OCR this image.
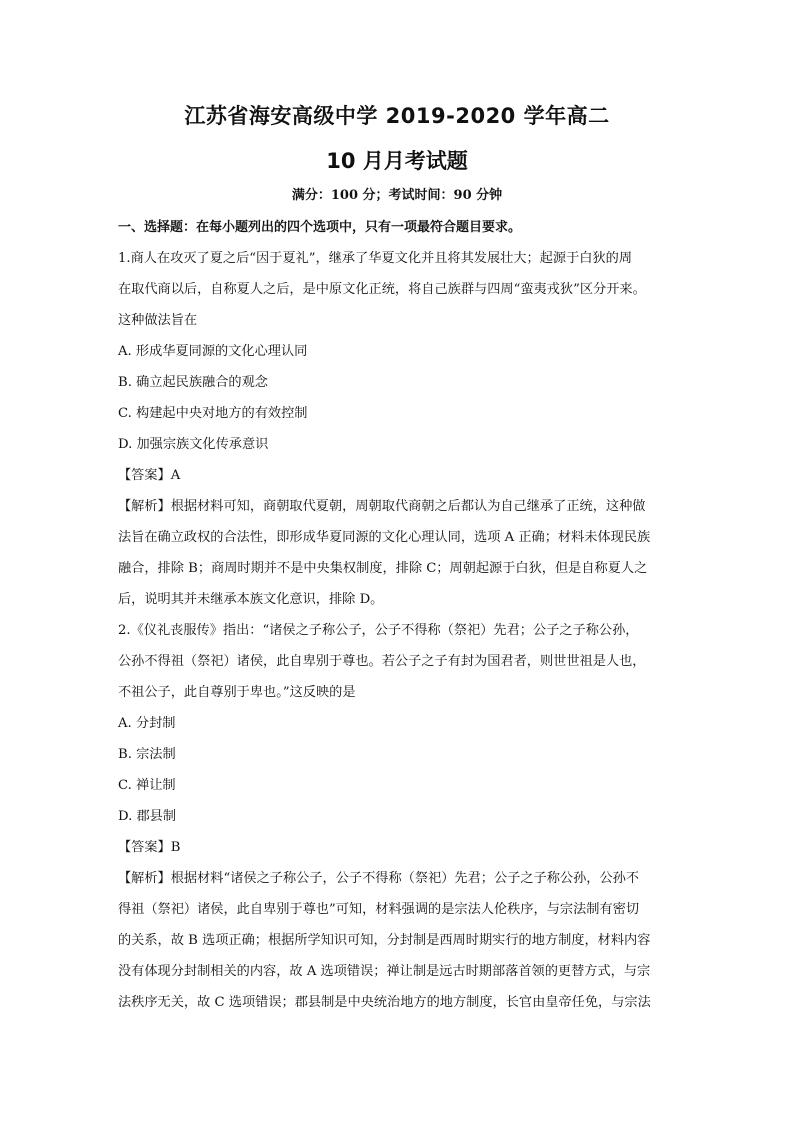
江苏省海安高级中学 2019-2020 学年高二
10 月月考试题
满分：100 分；考试时间：90 分钟
一、选择题：在每小题列出的四个选项中，只有一项最符合题目要求。

1.商人在攻灭了夏之后“因于夏礼”，继承了华夏文化并且将其发展壮大；起源于白狄的周

在取代商以后，自称夏人之后，是中原文化正统，将自己族群与四周“蛮夷戎狄”区分开来。

这种做法旨在

A. 形成华夏同源的文化心理认同

B. 确立起民族融合的观念

C. 构建起中央对地方的有效控制

D. 加强宗族文化传承意识

【答案】A

【解析】根据材料可知，商朝取代夏朝，周朝取代商朝之后都认为自己继承了正统，这种做

法旨在确立政权的合法性，即形成华夏同源的文化心理认同，选项 A 正确；材料未体现民族

融合，排除 B；商周时期并不是中央集权制度，排除 C；周朝起源于白狄，但是自称夏人之

后，说明其并未继承本族文化意识，排除 D。

2.《仪礼丧服传》指出：“诸侯之子称公子，公子不得称（祭祀）先君；公子之子称公孙，

公孙不得祖（祭祀）诸侯，此自卑别于尊也。若公子之子有封为国君者，则世世祖是人也，

不祖公子，此自尊别于卑也。”这反映的是

A. 分封制

B. 宗法制

C. 禅让制

D. 郡县制

【答案】B

【解析】根据材料“诸侯之子称公子，公子不得称（祭祀）先君；公子之子称公孙，公孙不

得祖（祭祀）诸侯，此自卑别于尊也”可知，材料强调的是宗法人伦秩序，与宗法制有密切

的关系，故 B 选项正确；根据所学知识可知，分封制是西周时期实行的地方制度，材料内容

没有体现分封制相关的内容，故 A 选项错误；禅让制是远古时期部落首领的更替方式，与宗

法秩序无关，故 C 选项错误；郡县制是中央统治地方的地方制度，长官由皇帝任免，与宗法
